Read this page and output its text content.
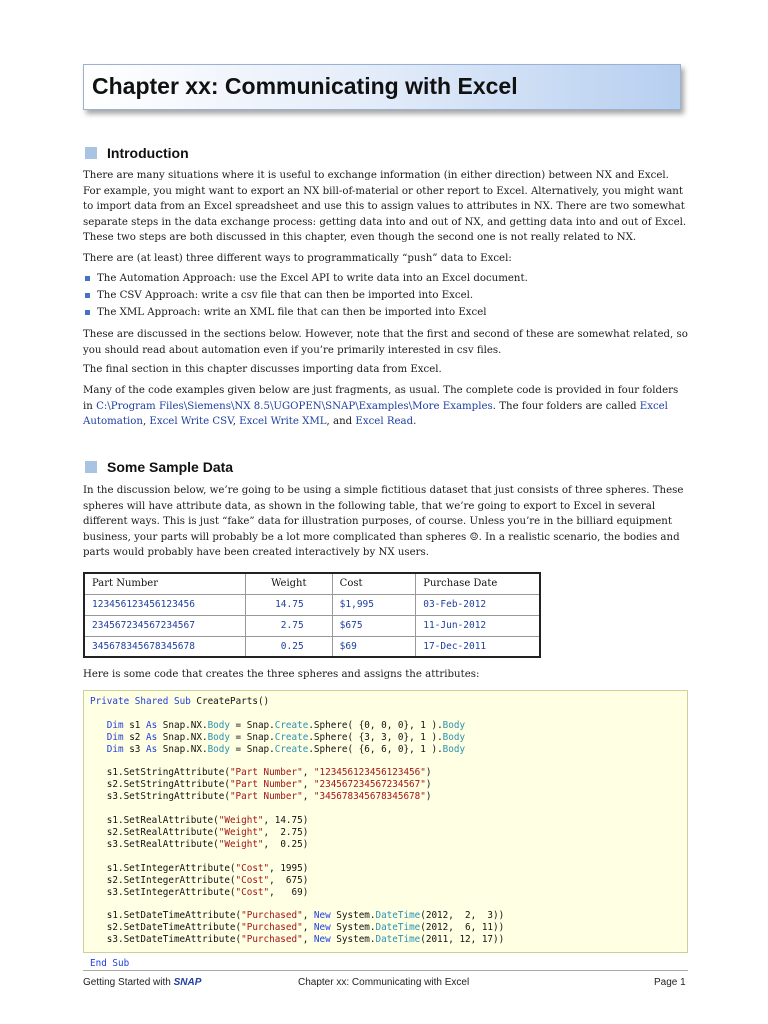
Chapter xx: Communicating with Excel
Introduction

There are many situations where it is useful to exchange information (in either direction) between NX and Excel. For example, you might want to export an NX bill-of-material or other report to Excel. Alternatively, you might want to import data from an Excel spreadsheet and use this to assign values to attributes in NX. There are two somewhat separate steps in the data exchange process: getting data into and out of NX, and getting data into and out of Excel. These two steps are both discussed in this chapter, even though the second one is not really related to NX.

There are (at least) three different ways to programmatically “push” data to Excel:

The Automation Approach: use the Excel API to write data into an Excel document.
The CSV Approach: write a csv file that can then be imported into Excel.
The XML Approach: write an XML file that can then be imported into Excel

These are discussed in the sections below. However, note that the first and second of these are somewhat related, so you should read about automation even if you’re primarily interested in csv files.

The final section in this chapter discusses importing data from Excel.

Many of the code examples given below are just fragments, as usual. The complete code is provided in four folders in C:\Program Files\Siemens\NX 8.5\UGOPEN\SNAP\Examples\More Examples. The four folders are called Excel Automation, Excel Write CSV, Excel Write XML, and Excel Read.

Some Sample Data

In the discussion below, we’re going to be using a simple fictitious dataset that just consists of three spheres. These spheres will have attribute data, as shown in the following table, that we’re going to export to Excel in several different ways. This is just “fake” data for illustration purposes, of course. Unless you’re in the billiard equipment business, your parts will probably be a lot more complicated than spheres ☺. In a realistic scenario, the bodies and parts would probably have been created interactively by NX users.

Part Number	Weight	Cost	Purchase Date
123456123456123456	14.75	$1,995	03-Feb-2012
234567234567234567	2.75	$675	11-Jun-2012
345678345678345678	0.25	$69	17-Dec-2011

Here is some code that creates the three spheres and assigns the attributes:

Private Shared Sub CreateParts()

Dim s1 As Snap.NX.Body = Snap.Create.Sphere( {0, 0, 0}, 1 ).Body
Dim s2 As Snap.NX.Body = Snap.Create.Sphere( {3, 3, 0}, 1 ).Body
Dim s3 As Snap.NX.Body = Snap.Create.Sphere( {6, 6, 0}, 1 ).Body

s1.SetStringAttribute("Part Number", "123456123456123456")
s2.SetStringAttribute("Part Number", "234567234567234567")
s3.SetStringAttribute("Part Number", "345678345678345678")

s1.SetRealAttribute("Weight", 14.75)
s2.SetRealAttribute("Weight",  2.75)
s3.SetRealAttribute("Weight",  0.25)

s1.SetIntegerAttribute("Cost", 1995)
s2.SetIntegerAttribute("Cost",  675)
s3.SetIntegerAttribute("Cost",   69)

s1.SetDateTimeAttribute("Purchased", New System.DateTime(2012,  2,  3))
s2.SetDateTimeAttribute("Purchased", New System.DateTime(2012,  6, 11))
s3.SetDateTimeAttribute("Purchased", New System.DateTime(2011, 12, 17))

End Sub
Getting Started with SNAP	Chapter xx: Communicating with Excel	Page 1
